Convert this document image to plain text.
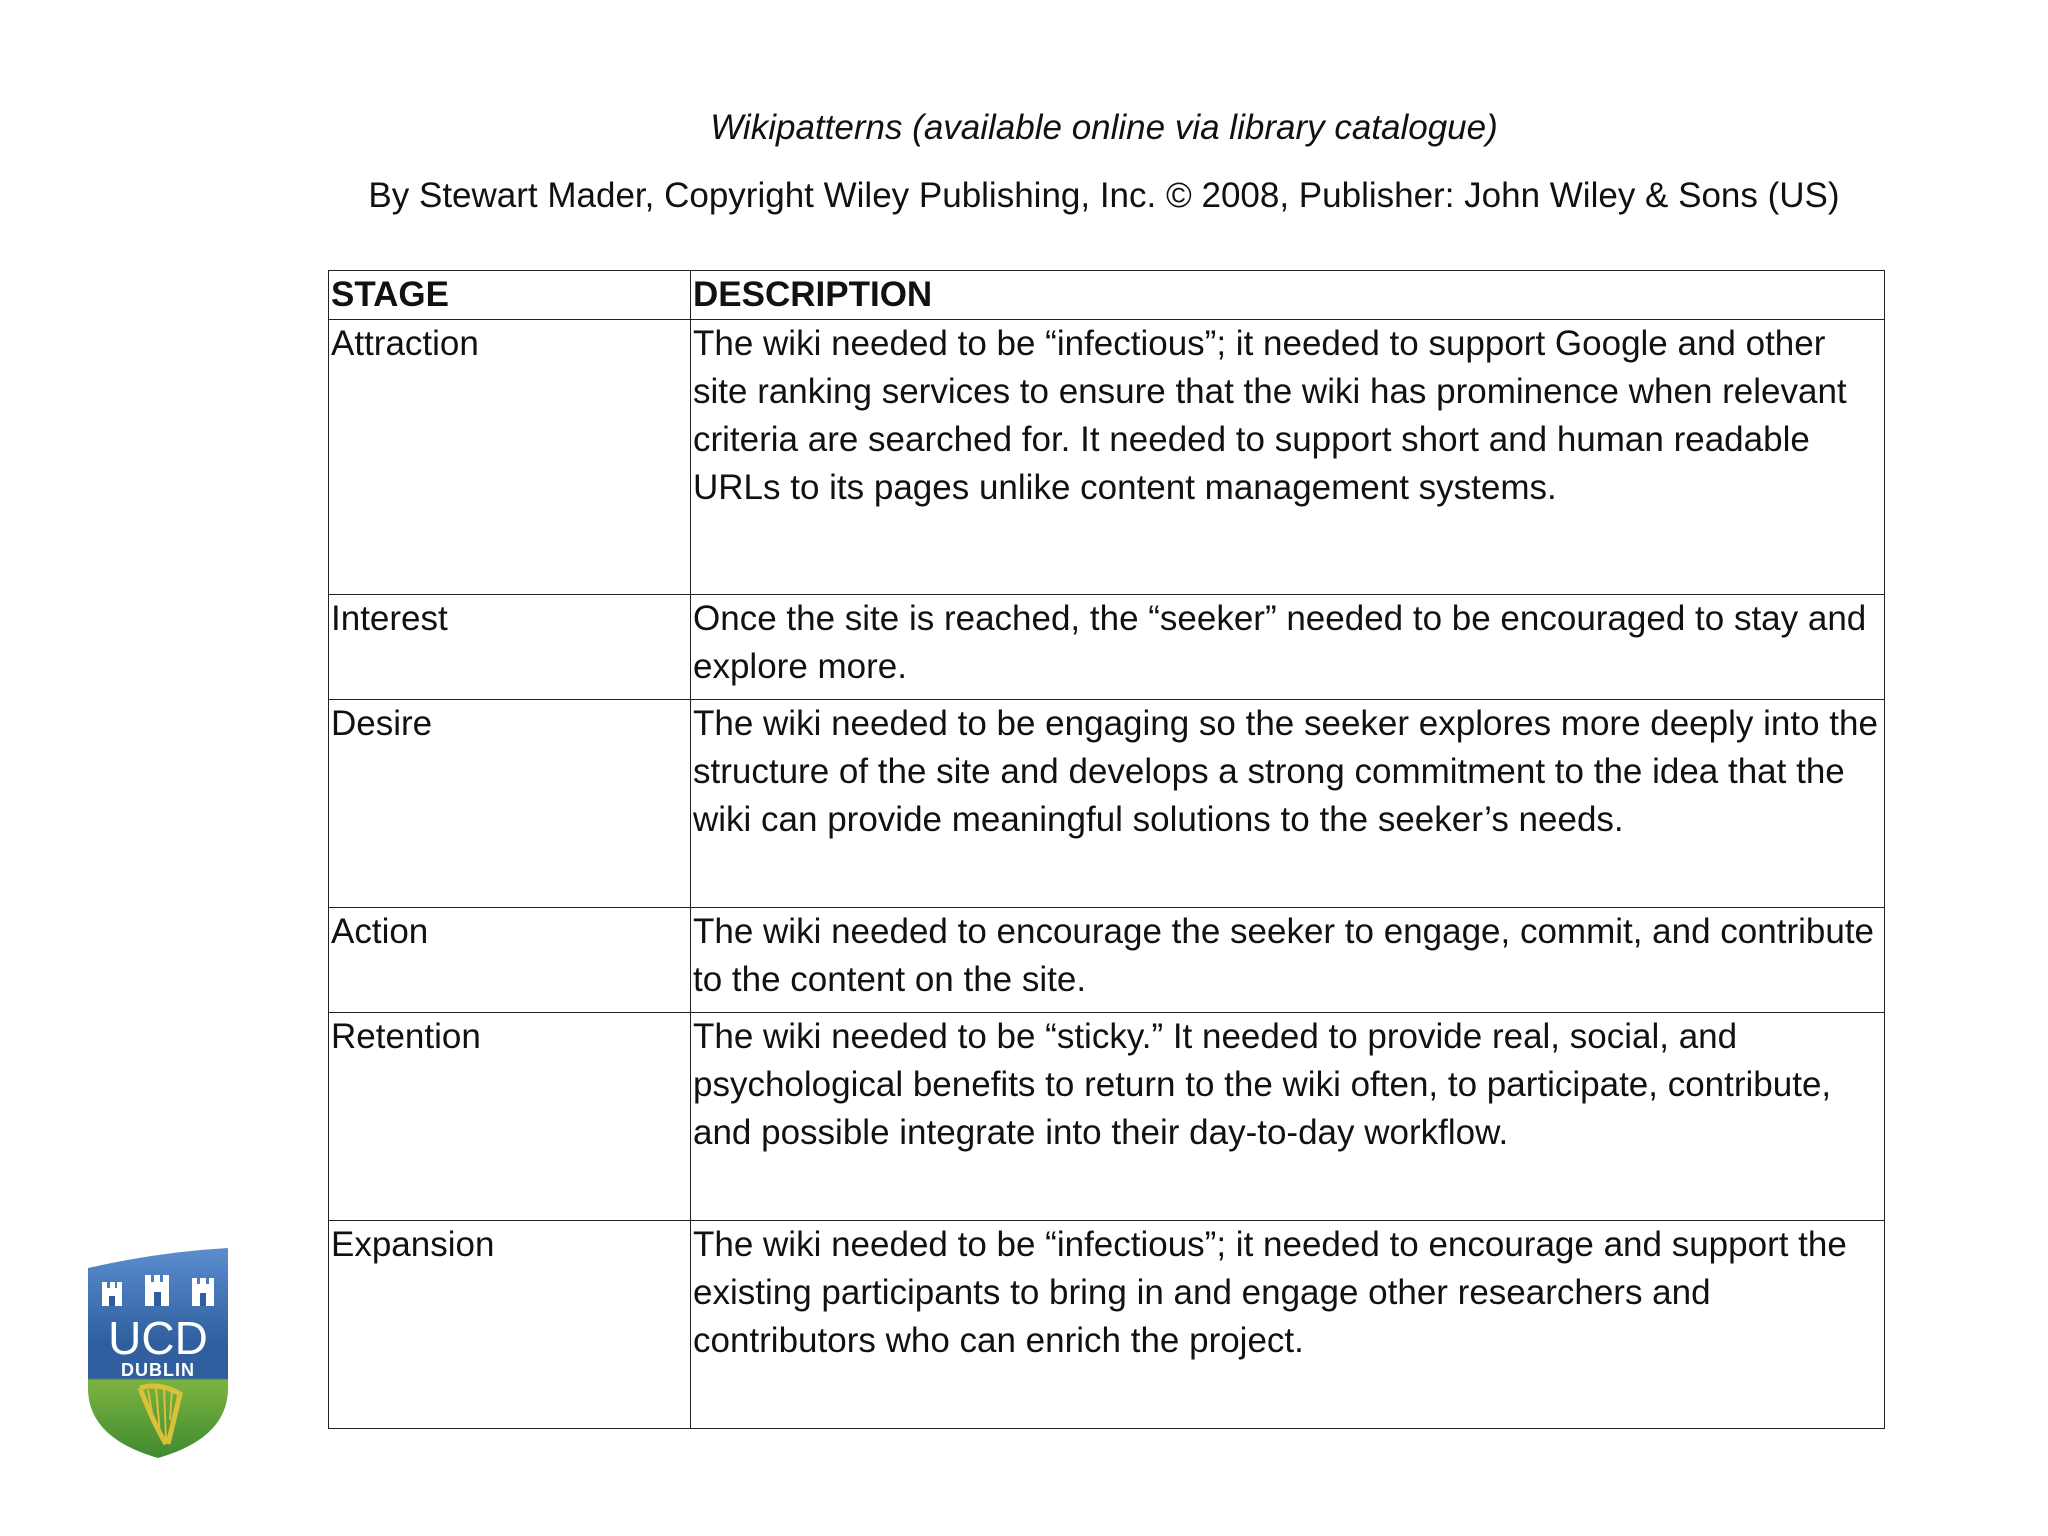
Wikipatterns (available online via library catalogue)
By Stewart Mader, Copyright Wiley Publishing, Inc. © 2008, Publisher: John Wiley & Sons (US)
STAGE	DESCRIPTION
Attraction	The wiki needed to be “infectious”; it needed to support Google and other site ranking services to ensure that the wiki has prominence when relevant criteria are searched for. It needed to support short and human readable URLs to its pages unlike content management systems.
Interest	Once the site is reached, the “seeker” needed to be encouraged to stay and explore more.
Desire	The wiki needed to be engaging so the seeker explores more deeply into the structure of the site and develops a strong commitment to the idea that the wiki can provide meaningful solutions to the seeker’s needs.
Action	The wiki needed to encourage the seeker to engage, commit, and contribute to the content on the site.
Retention	The wiki needed to be “sticky.” It needed to provide real, social, and psychological benefits to return to the wiki often, to participate, contribute, and possible integrate into their day-to-day workflow.
Expansion	The wiki needed to be “infectious”; it needed to encourage and support the existing participants to bring in and engage other researchers and contributors who can enrich the project.
UCD
DUBLIN
